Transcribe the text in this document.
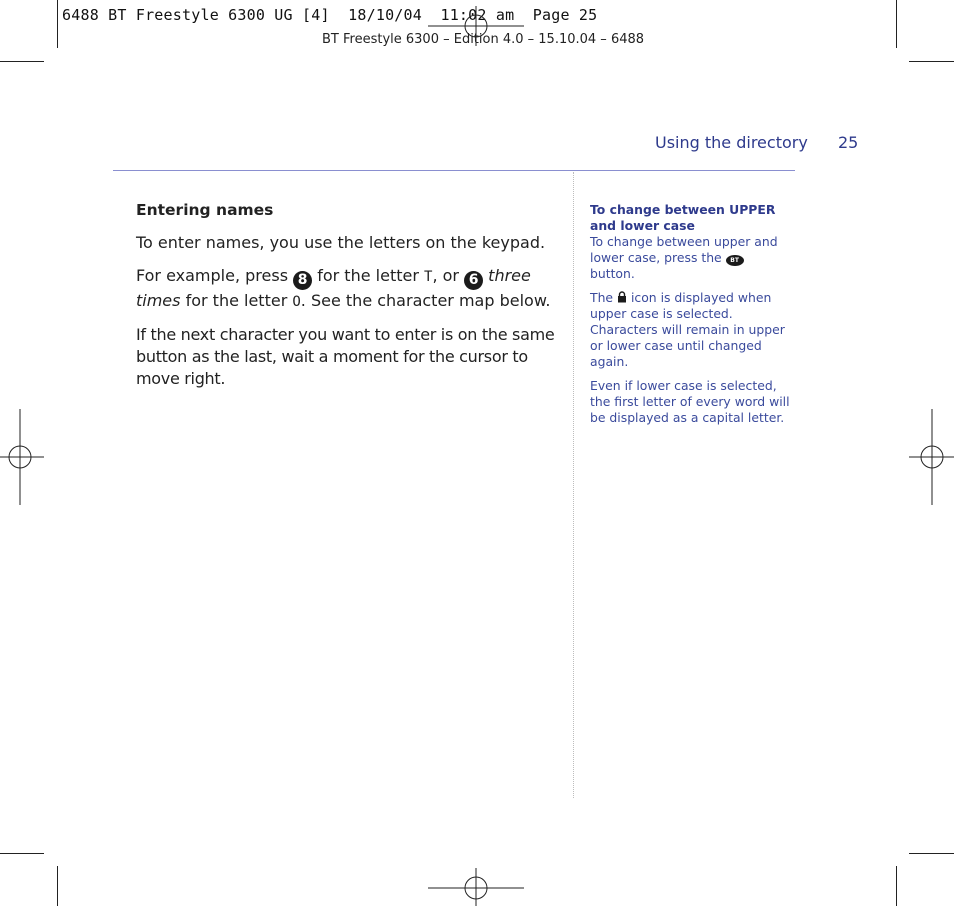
6488 BT Freestyle 6300 UG [4]  18/10/04  11:02 am  Page 25
BT Freestyle 6300 – Edition 4.0 – 15.10.04 – 6488
Using the directory 25
Entering names

To enter names, you use the letters on the keypad.

For example, press 8 for the letter T, or 6 three times for the letter O. See the character map below.

If the next character you want to enter is on the same button as the last, wait a moment for the cursor to move right.

To change between UPPER and lower case

To change between upper and lower case, press the BT button.

The icon is displayed when upper case is selected. Characters will remain in upper or lower case until changed again.

Even if lower case is selected, the first letter of every word will be displayed as a capital letter.
